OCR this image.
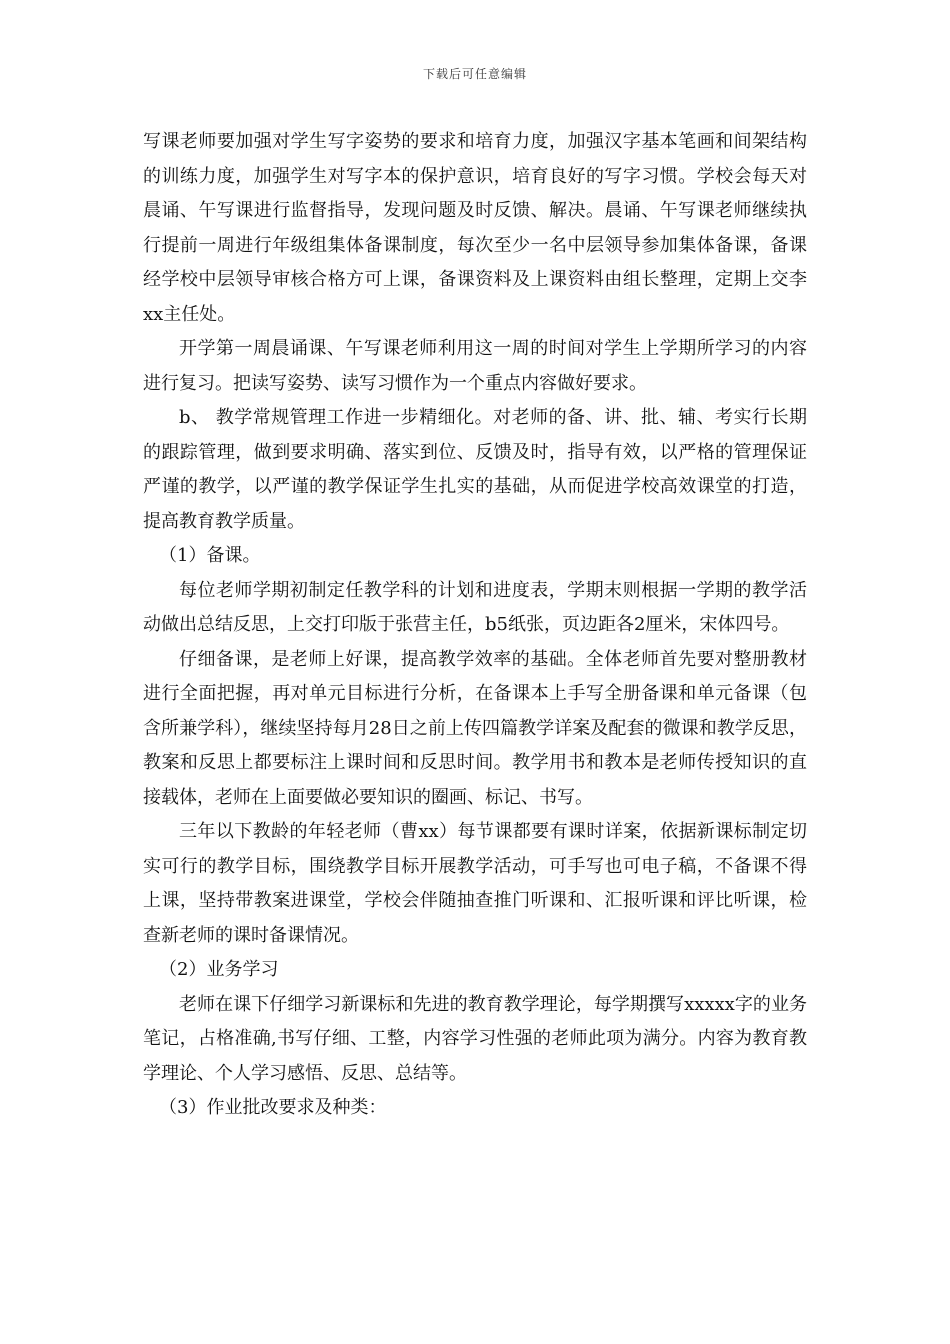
下载后可任意编辑

写课老师要加强对学生写字姿势的要求和培育力度，加强汉字基本笔画和间架结构的训练力度，加强学生对写字本的保护意识，培育良好的写字习惯。学校会每天对晨诵、午写课进行监督指导，发现问题及时反馈、解决。晨诵、午写课老师继续执行提前一周进行年级组集体备课制度，每次至少一名中层领导参加集体备课，备课经学校中层领导审核合格方可上课，备课资料及上课资料由组长整理，定期上交李xx主任处。

开学第一周晨诵课、午写课老师利用这一周的时间对学生上学期所学习的内容进行复习。把读写姿势、读写习惯作为一个重点内容做好要求。

b、 教学常规管理工作进一步精细化。对老师的备、讲、批、辅、考实行长期的跟踪管理，做到要求明确、落实到位、反馈及时，指导有效，以严格的管理保证严谨的教学，以严谨的教学保证学生扎实的基础，从而促进学校高效课堂的打造，提高教育教学质量。

（1）备课。

每位老师学期初制定任教学科的计划和进度表，学期末则根据一学期的教学活动做出总结反思，上交打印版于张营主任，b5纸张，页边距各2厘米，宋体四号。

仔细备课，是老师上好课，提高教学效率的基础。全体老师首先要对整册教材进行全面把握，再对单元目标进行分析，在备课本上手写全册备课和单元备课（包含所兼学科），继续坚持每月28日之前上传四篇教学详案及配套的微课和教学反思，教案和反思上都要标注上课时间和反思时间。教学用书和教本是老师传授知识的直接载体，老师在上面要做必要知识的圈画、标记、书写。

三年以下教龄的年轻老师（曹xx）每节课都要有课时详案，依据新课标制定切实可行的教学目标，围绕教学目标开展教学活动，可手写也可电子稿，不备课不得上课，坚持带教案进课堂，学校会伴随抽查推门听课和、汇报听课和评比听课，检查新老师的课时备课情况。

（2）业务学习

老师在课下仔细学习新课标和先进的教育教学理论，每学期撰写xxxxx字的业务笔记，占格准确,书写仔细、工整，内容学习性强的老师此项为满分。内容为教育教学理论、个人学习感悟、反思、总结等。

（3）作业批改要求及种类：
